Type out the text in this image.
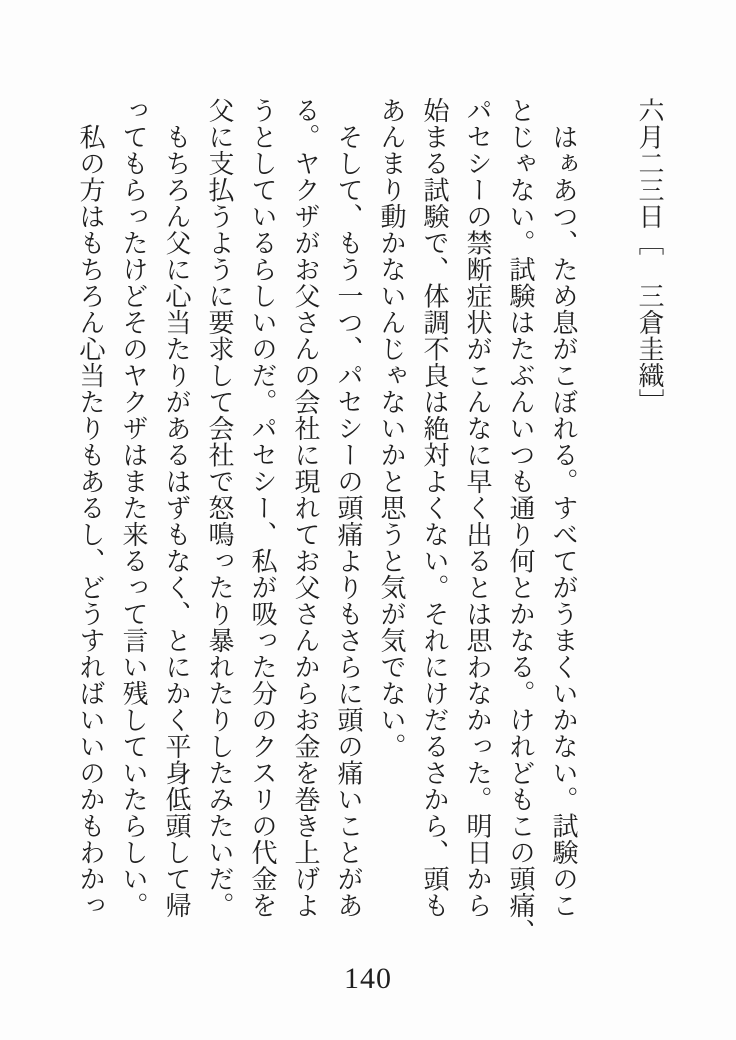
六月二三日［　三倉圭織］
　はぁあつ、ため息がこぼれる。すべてがうまくいかない。試験のこ
とじゃない。試験はたぶんいつも通り何とかなる。けれどもこの頭痛、
パセシーの禁断症状がこんなに早く出るとは思わなかった。明日から
始まる試験で、体調不良は絶対よくない。それにけだるさから、頭も
あんまり動かないんじゃないかと思うと気が気でない。
　そして、もう一つ、パセシーの頭痛よりもさらに頭の痛いことがあ
る。ヤクザがお父さんの会社に現れてお父さんからお金を巻き上げよ
うとしているらしいのだ。パセシー、私が吸った分のクスリの代金を
父に支払うように要求して会社で怒鳴ったり暴れたりしたみたいだ。
　もちろん父に心当たりがあるはずもなく、とにかく平身低頭して帰
ってもらったけどそのヤクザはまた来るって言い残していたらしい。
　私の方はもちろん心当たりもあるし、どうすればいいのかもわかっ
140
